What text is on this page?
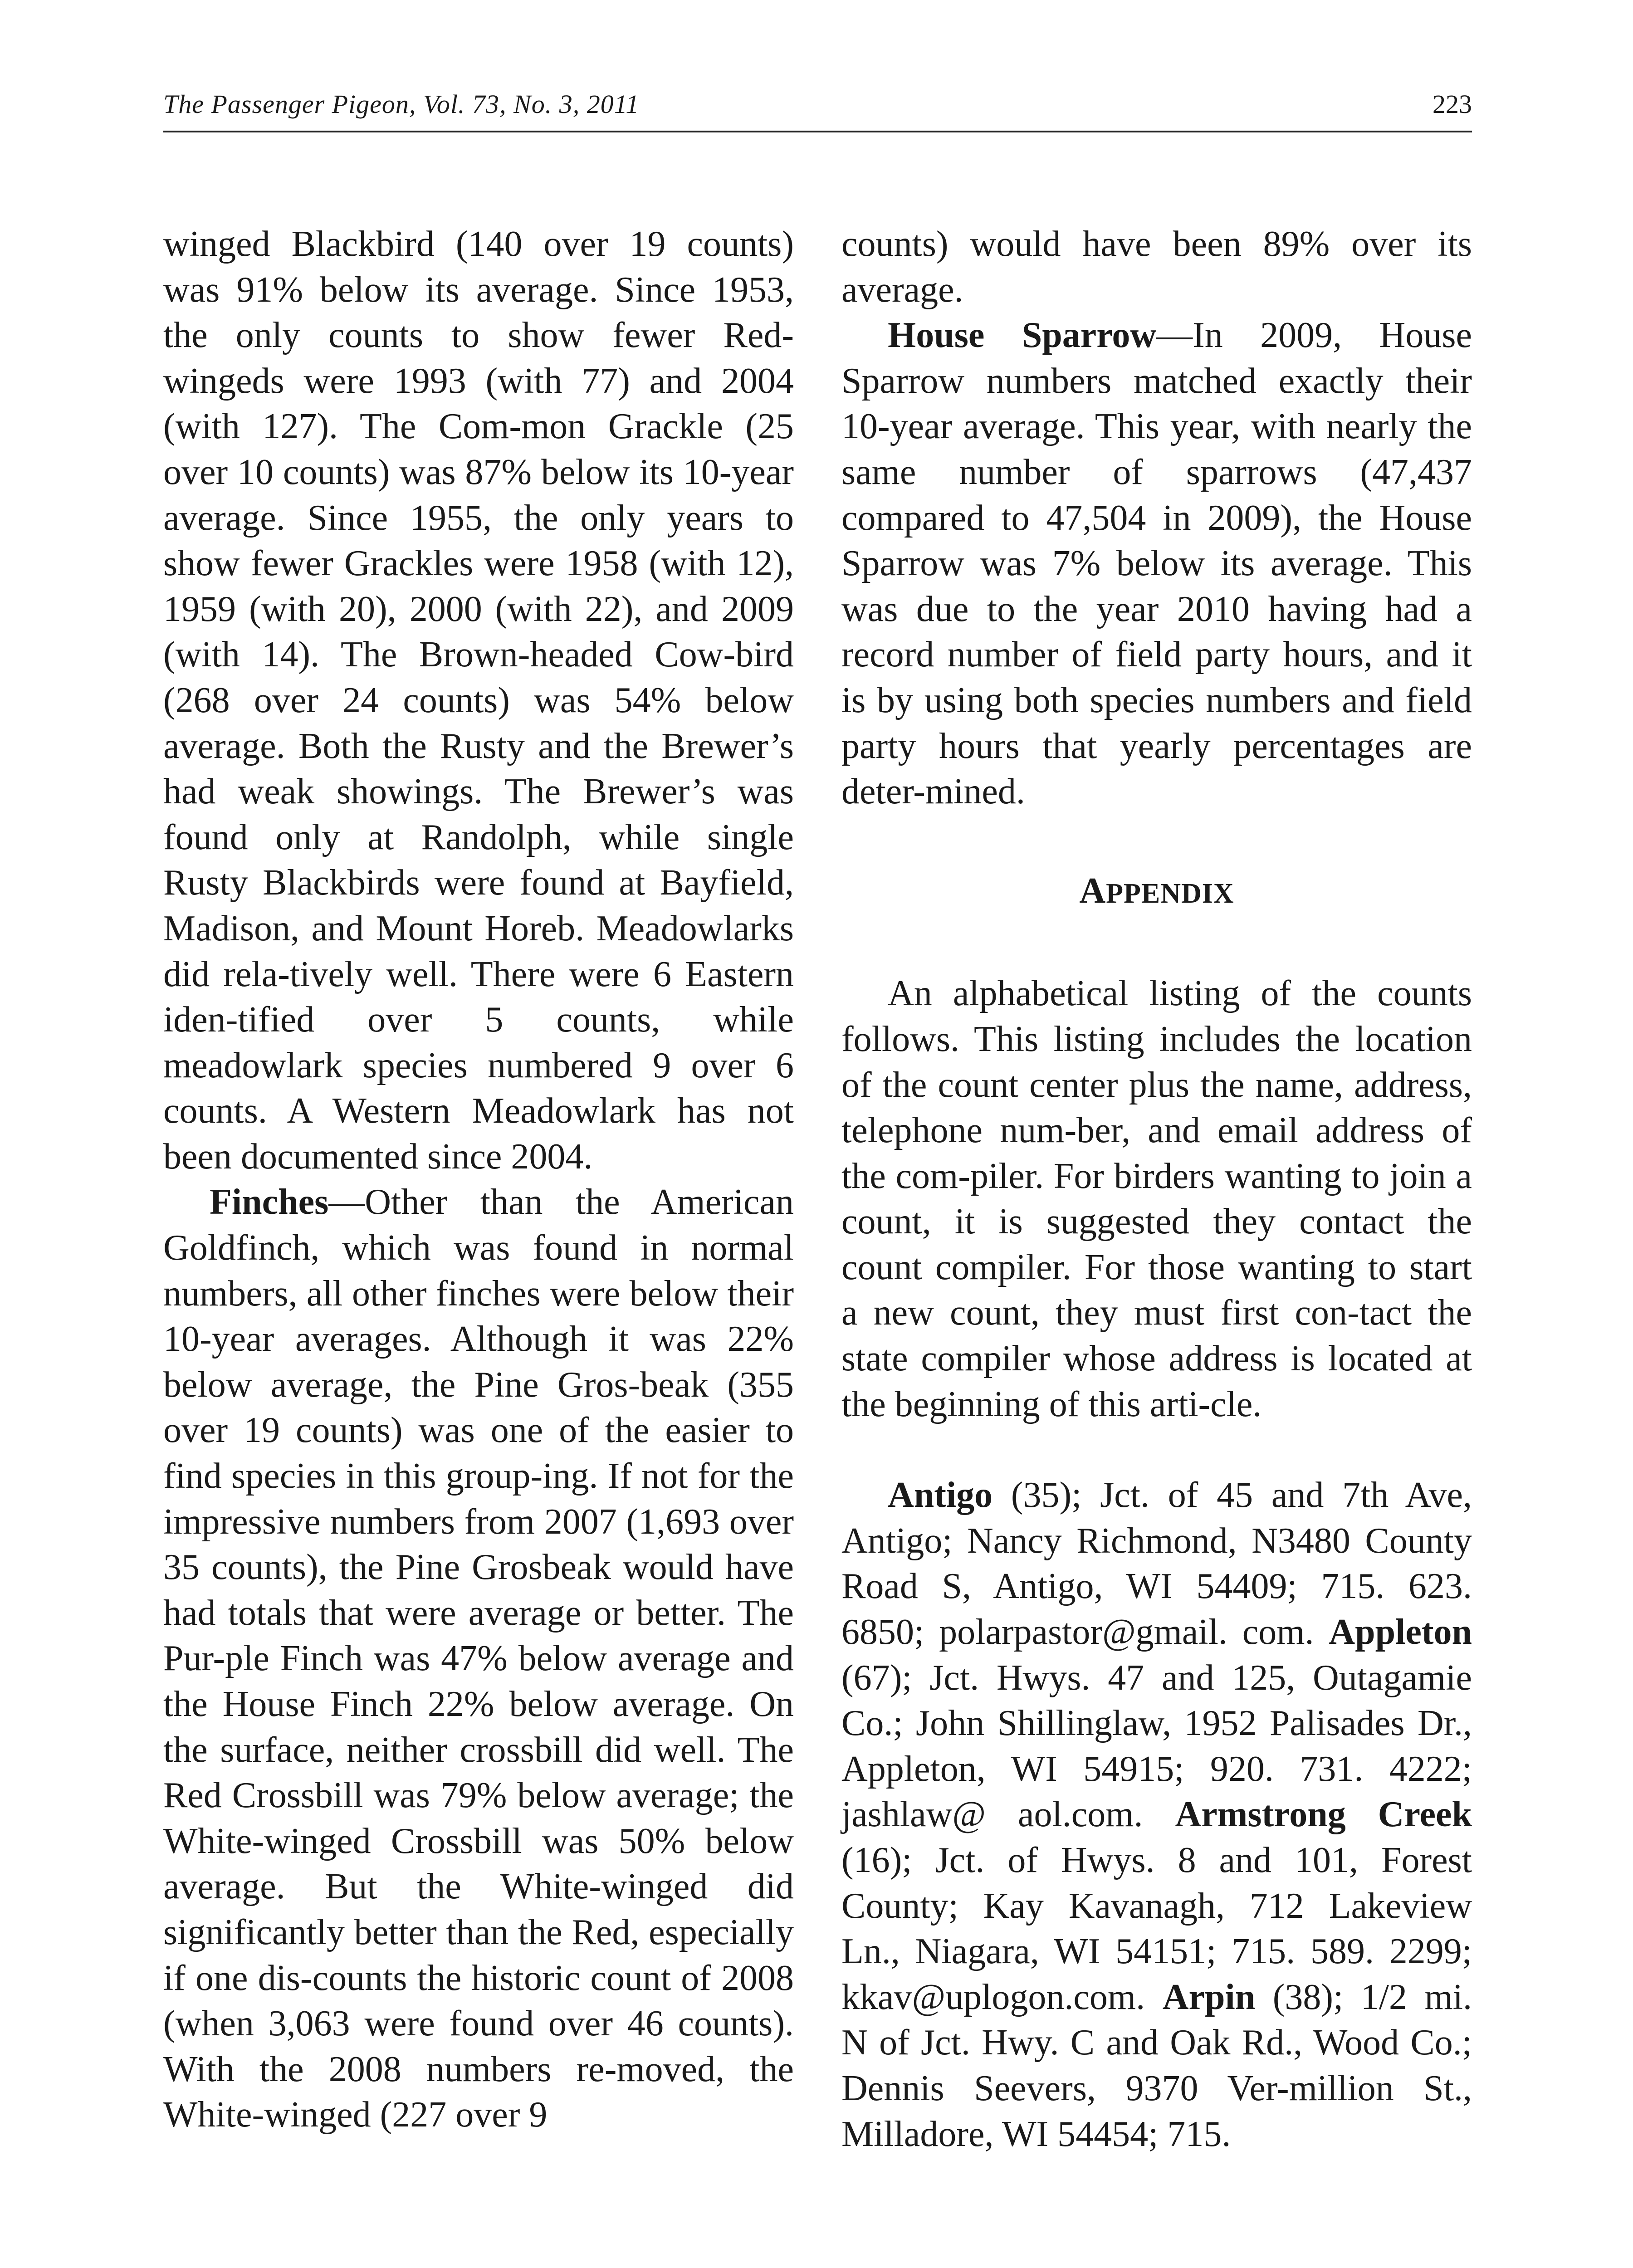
The Passenger Pigeon, Vol. 73, No. 3, 2011	223

winged Blackbird (140 over 19 counts) was 91% below its average. Since 1953, the only counts to show fewer Red-wingeds were 1993 (with 77) and 2004 (with 127). The Com-mon Grackle (25 over 10 counts) was 87% below its 10-year average. Since 1955, the only years to show fewer Grackles were 1958 (with 12), 1959 (with 20), 2000 (with 22), and 2009 (with 14). The Brown-headed Cow-bird (268 over 24 counts) was 54% below average. Both the Rusty and the Brewer’s had weak showings. The Brewer’s was found only at Randolph, while single Rusty Blackbirds were found at Bayfield, Madison, and Mount Horeb. Meadowlarks did rela-tively well. There were 6 Eastern iden-tified over 5 counts, while meadowlark species numbered 9 over 6 counts. A Western Meadowlark has not been documented since 2004.

Finches—Other than the American Goldfinch, which was found in normal numbers, all other finches were below their 10-year averages. Although it was 22% below average, the Pine Gros-beak (355 over 19 counts) was one of the easier to find species in this group-ing. If not for the impressive numbers from 2007 (1,693 over 35 counts), the Pine Grosbeak would have had totals that were average or better. The Pur-ple Finch was 47% below average and the House Finch 22% below average. On the surface, neither crossbill did well. The Red Crossbill was 79% below average; the White-winged Crossbill was 50% below average. But the White-winged did significantly better than the Red, especially if one dis-counts the historic count of 2008 (when 3,063 were found over 46 counts). With the 2008 numbers re-moved, the White-winged (227 over 9

counts) would have been 89% over its average.

House Sparrow—In 2009, House Sparrow numbers matched exactly their 10-year average. This year, with nearly the same number of sparrows (47,437 compared to 47,504 in 2009), the House Sparrow was 7% below its average. This was due to the year 2010 having had a record number of field party hours, and it is by using both species numbers and field party hours that yearly percentages are deter-mined.

APPENDIX

An alphabetical listing of the counts follows. This listing includes the location of the count center plus the name, address, telephone num-ber, and email address of the com-piler. For birders wanting to join a count, it is suggested they contact the count compiler. For those wanting to start a new count, they must first con-tact the state compiler whose address is located at the beginning of this arti-cle.

Antigo (35); Jct. of 45 and 7th Ave, Antigo; Nancy Richmond, N3480 County Road S, Antigo, WI 54409; 715. 623. 6850; polarpastor@gmail. com. Appleton (67); Jct. Hwys. 47 and 125, Outagamie Co.; John Shillinglaw, 1952 Palisades Dr., Appleton, WI 54915; 920. 731. 4222; jashlaw@ aol.com. Armstrong Creek (16); Jct. of Hwys. 8 and 101, Forest County; Kay Kavanagh, 712 Lakeview Ln., Niagara, WI 54151; 715. 589. 2299; kkav@uplogon.com. Arpin (38); 1/2 mi. N of Jct. Hwy. C and Oak Rd., Wood Co.; Dennis Seevers, 9370 Ver-million St., Milladore, WI 54454; 715.
